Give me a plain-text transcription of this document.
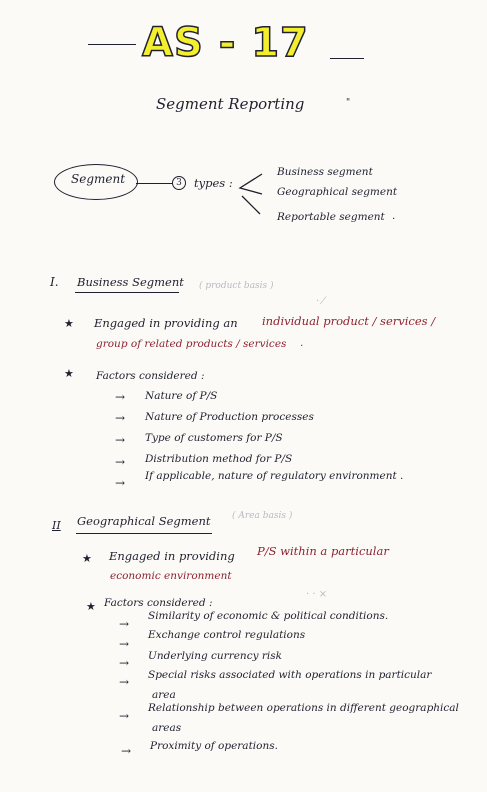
AS - 17
Segment Reporting	"
Segment	3	types :
Business segment
Geographical segment
Reportable segment .
I. Business Segment ( product basis )
· ⁄
★ Engaged in providing an individual product / services /
group of related products / services .
★ Factors considered :
→ Nature of P/S
→ Nature of Production processes
→ Type of customers for P/S
→ Distribution method for P/S
→ If applicable, nature of regulatory environment .
II Geographical Segment ( Area basis )
★ Engaged in providing P/S within a particular
economic environment
★ Factors considered :
· · ×
→
Similarity of economic & political conditions.
→
Exchange control regulations
→ Underlying currency risk
→ Special risks associated with operations in particular
area
→
Relationship between operations in different geographical
areas
→ Proximity of operations.
